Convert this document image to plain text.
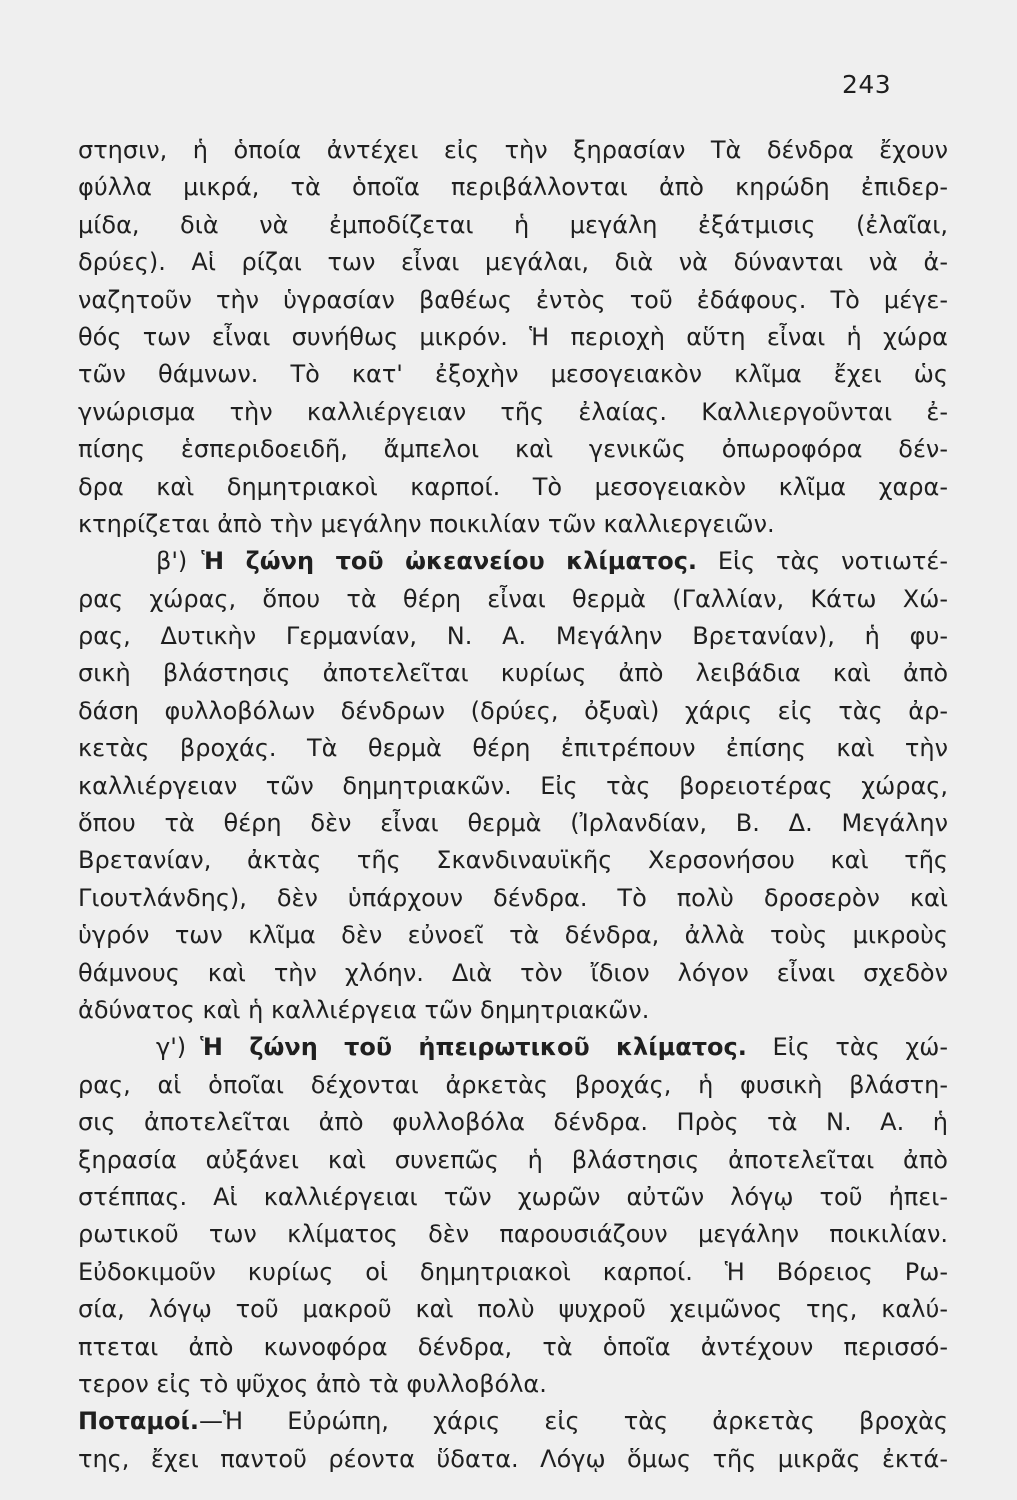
243
στησιν, ἡ ὁποία ἀντέχει εἰς τὴν ξηρασίαν Τὰ δένδρα ἔχουν
φύλλα μικρά, τὰ ὁποῖα περιβάλλονται ἀπὸ κηρώδη ἐπιδερ-
μίδα, διὰ νὰ ἐμποδίζεται ἡ μεγάλη ἐξάτμισις (ἐλαῖαι,
δρύες). Αἱ ρίζαι των εἶναι μεγάλαι, διὰ νὰ δύνανται νὰ ἀ-
ναζητοῦν τὴν ὑγρασίαν βαθέως ἐντὸς τοῦ ἐδάφους. Τὸ μέγε-
θός των εἶναι συνήθως μικρόν. Ἡ περιοχὴ αὕτη εἶναι ἡ χώρα
τῶν θάμνων. Τὸ κατ' ἐξοχὴν μεσογειακὸν κλῖμα ἔχει ὡς
γνώρισμα τὴν καλλιέργειαν τῆς ἐλαίας. Καλλιεργοῦνται ἐ-
πίσης ἑσπεριδοειδῆ, ἄμπελοι καὶ γενικῶς ὀπωροφόρα δέν-
δρα καὶ δημητριακοὶ καρποί. Τὸ μεσογειακὸν κλῖμα χαρα-
κτηρίζεται ἀπὸ τὴν μεγάλην ποικιλίαν τῶν καλλιεργειῶν.
β') Ἡ ζώνη τοῦ ὠκεανείου κλίματος. Εἰς τὰς νοτιωτέ-
ρας χώρας, ὅπου τὰ θέρη εἶναι θερμὰ (Γαλλίαν, Κάτω Χώ-
ρας, Δυτικὴν Γερμανίαν, Ν. Α. Μεγάλην Βρετανίαν), ἡ φυ-
σικὴ βλάστησις ἀποτελεῖται κυρίως ἀπὸ λειβάδια καὶ ἀπὸ
δάση φυλλοβόλων δένδρων (δρύες, ὀξυαὶ) χάρις εἰς τὰς ἀρ-
κετὰς βροχάς. Τὰ θερμὰ θέρη ἐπιτρέπουν ἐπίσης καὶ τὴν
καλλιέργειαν τῶν δημητριακῶν. Εἰς τὰς βορειοτέρας χώρας,
ὅπου τὰ θέρη δὲν εἶναι θερμὰ (Ἰρλανδίαν, Β. Δ. Μεγάλην
Βρετανίαν, ἀκτὰς τῆς Σκανδιναυϊκῆς Χερσονήσου καὶ τῆς
Γιουτλάνδης), δὲν ὑπάρχουν δένδρα. Τὸ πολὺ δροσερὸν καὶ
ὑγρόν των κλῖμα δὲν εὐνοεῖ τὰ δένδρα, ἀλλὰ τοὺς μικροὺς
θάμνους καὶ τὴν χλόην. Διὰ τὸν ἴδιον λόγον εἶναι σχεδὸν
ἀδύνατος καὶ ἡ καλλιέργεια τῶν δημητριακῶν.
γ') Ἡ ζώνη τοῦ ἠπειρωτικοῦ κλίματος. Εἰς τὰς χώ-
ρας, αἱ ὁποῖαι δέχονται ἀρκετὰς βροχάς, ἡ φυσικὴ βλάστη-
σις ἀποτελεῖται ἀπὸ φυλλοβόλα δένδρα. Πρὸς τὰ Ν. Α. ἡ
ξηρασία αὐξάνει καὶ συνεπῶς ἡ βλάστησις ἀποτελεῖται ἀπὸ
στέππας. Αἱ καλλιέργειαι τῶν χωρῶν αὐτῶν λόγῳ τοῦ ἠπει-
ρωτικοῦ των κλίματος δὲν παρουσιάζουν μεγάλην ποικιλίαν.
Εὐδοκιμοῦν κυρίως οἱ δημητριακοὶ καρποί. Ἡ Βόρειος Ρω-
σία, λόγῳ τοῦ μακροῦ καὶ πολὺ ψυχροῦ χειμῶνος της, καλύ-
πτεται ἀπὸ κωνοφόρα δένδρα, τὰ ὁποῖα ἀντέχουν περισσό-
τερον εἰς τὸ ψῦχος ἀπὸ τὰ φυλλοβόλα.
Ποταμοί.—Ἡ Εὐρώπη, χάρις εἰς τὰς ἀρκετὰς βροχὰς
της, ἔχει παντοῦ ρέοντα ὕδατα. Λόγῳ ὅμως τῆς μικρᾶς ἐκτά-
